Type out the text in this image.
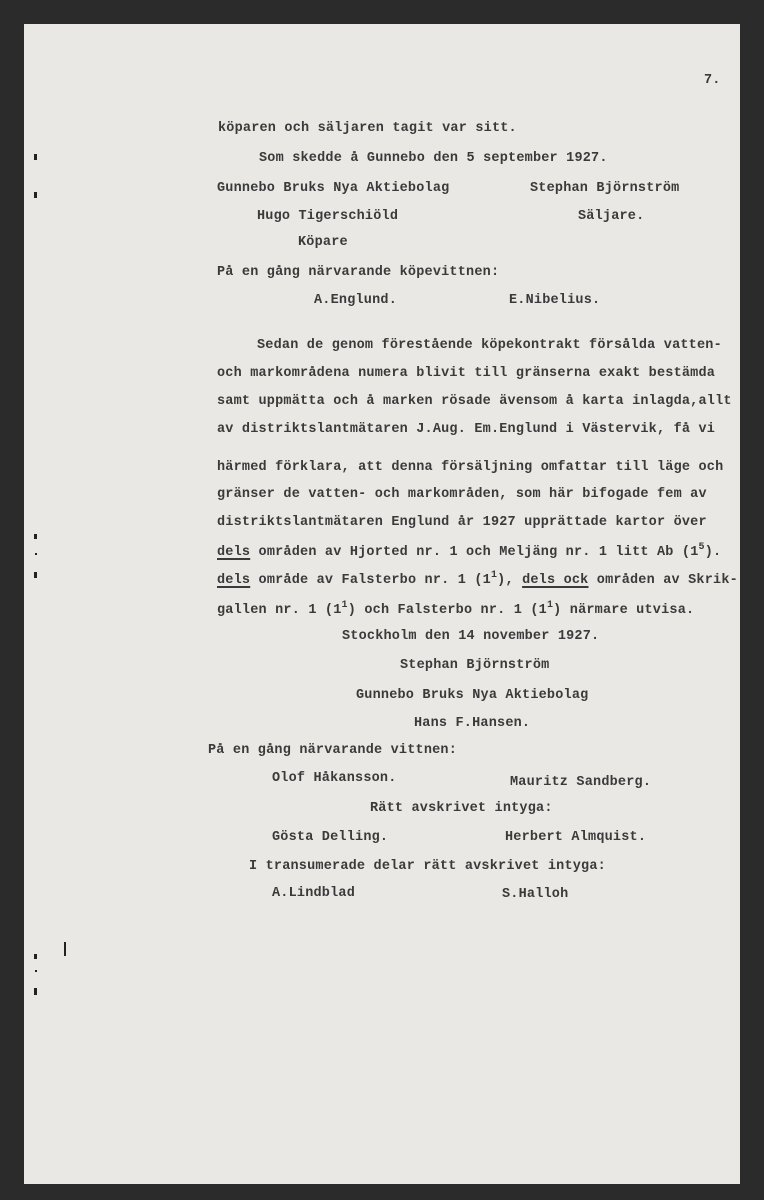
7.
köparen och säljaren tagit var sitt.
Som skedde å Gunnebo den 5 september 1927.
Gunnebo Bruks Nya Aktiebolag	Stephan Björnström
Hugo Tigerschiöld	Säljare.
Köpare
På en gång närvarande köpevittnen:
A.Englund.	E.Nibelius.
Sedan de genom förestående köpekontrakt försålda vatten-
och markområdena numera blivit till gränserna exakt bestämda
samt uppmätta och å marken rösade ävensom å karta inlagda,allt
av distriktslantmätaren J.Aug. Em.Englund i Västervik, få vi
härmed förklara, att denna försäljning omfattar till läge och
gränser de vatten- och markområden, som här bifogade fem av
distriktslantmätaren Englund år 1927 upprättade kartor över
dels områden av Hjorted nr. 1 och Meljäng nr. 1 litt Ab $(1^5)$.
dels område av Falsterbo nr. 1 $(1^1)$, dels ock områden av Skrik-
gallen nr. 1 $(1^1)$ och Falsterbo nr. 1 $(1^1)$ närmare utvisa.
Stockholm den 14 november 1927.
Stephan Björnström
Gunnebo Bruks Nya Aktiebolag
Hans F.Hansen.
På en gång närvarande vittnen:
Olof Håkansson.	Mauritz Sandberg.
Rätt avskrivet intyga:
Gösta Delling.	Herbert Almquist.
I transumerade delar rätt avskrivet intyga:
A.Lindblad	S.Halloh
